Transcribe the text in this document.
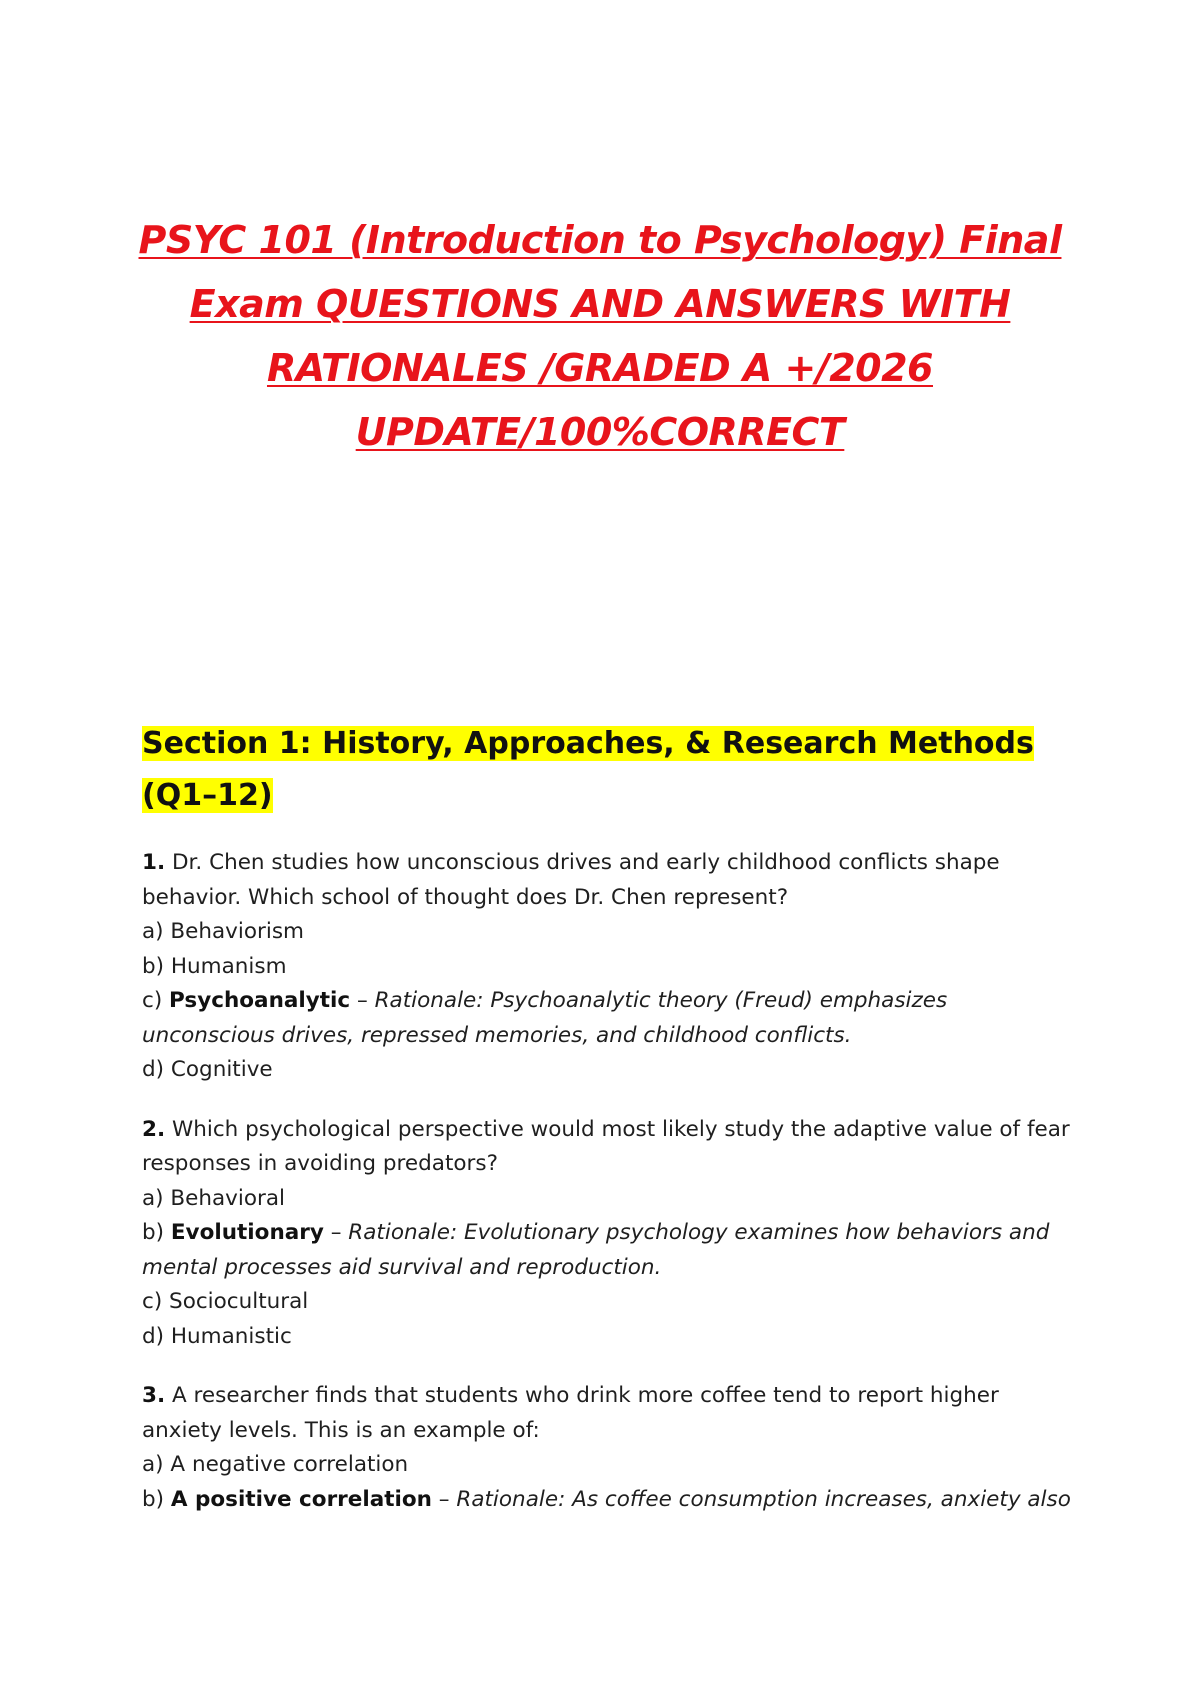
PSYC 101 (Introduction to Psychology) Final
Exam QUESTIONS AND ANSWERS WITH
RATIONALES /GRADED A +/2026
UPDATE/100%CORRECT
Section 1: History, Approaches, & Research Methods (Q1–12)
1. Dr. Chen studies how unconscious drives and early childhood conflicts shape behavior. Which school of thought does Dr. Chen represent?
a) Behaviorism
b) Humanism
c) Psychoanalytic – Rationale: Psychoanalytic theory (Freud) emphasizes unconscious drives, repressed memories, and childhood conflicts.
d) Cognitive
2. Which psychological perspective would most likely study the adaptive value of fear responses in avoiding predators?
a) Behavioral
b) Evolutionary – Rationale: Evolutionary psychology examines how behaviors and mental processes aid survival and reproduction.
c) Sociocultural
d) Humanistic
3. A researcher finds that students who drink more coffee tend to report higher anxiety levels. This is an example of:
a) A negative correlation
b) A positive correlation – Rationale: As coffee consumption increases, anxiety also
